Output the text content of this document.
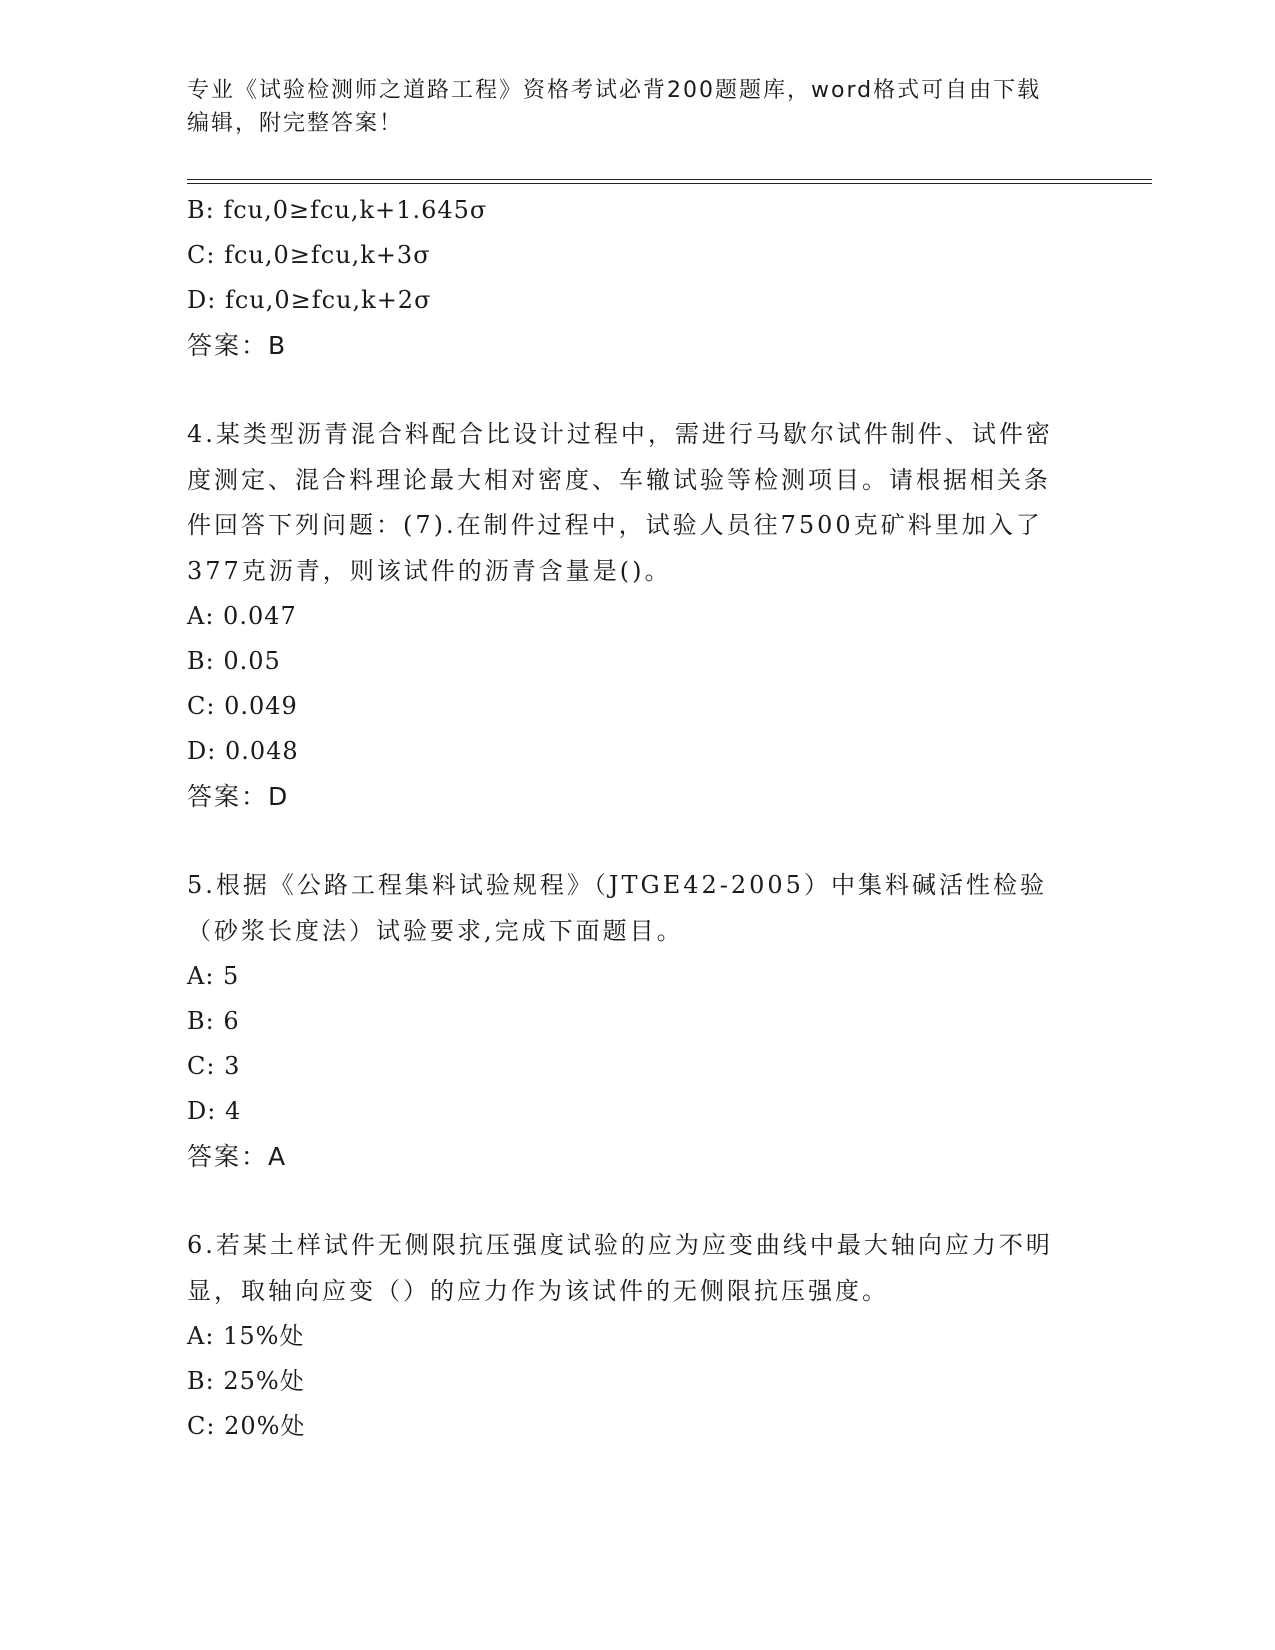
专业《试验检测师之道路工程》资格考试必背200题题库，word格式可自由下载
编辑，附完整答案！
B: fcu,0≥fcu,k+1.645σ
C: fcu,0≥fcu,k+3σ
D: fcu,0≥fcu,k+2σ
答案：B
4.某类型沥青混合料配合比设计过程中，需进行马歇尔试件制件、试件密度测定、混合料理论最大相对密度、车辙试验等检测项目。请根据相关条件回答下列问题：(7).在制件过程中，试验人员往7500克矿料里加入了377克沥青，则该试件的沥青含量是()。
A: 0.047
B: 0.05
C: 0.049
D: 0.048
答案：D
5.根据《公路工程集料试验规程》（JTGE42-2005）中集料碱活性检验（砂浆长度法）试验要求,完成下面题目。
A: 5
B: 6
C: 3
D: 4
答案：A
6.若某土样试件无侧限抗压强度试验的应为应变曲线中最大轴向应力不明显，取轴向应变（）的应力作为该试件的无侧限抗压强度。
A: 15%处
B: 25%处
C: 20%处
